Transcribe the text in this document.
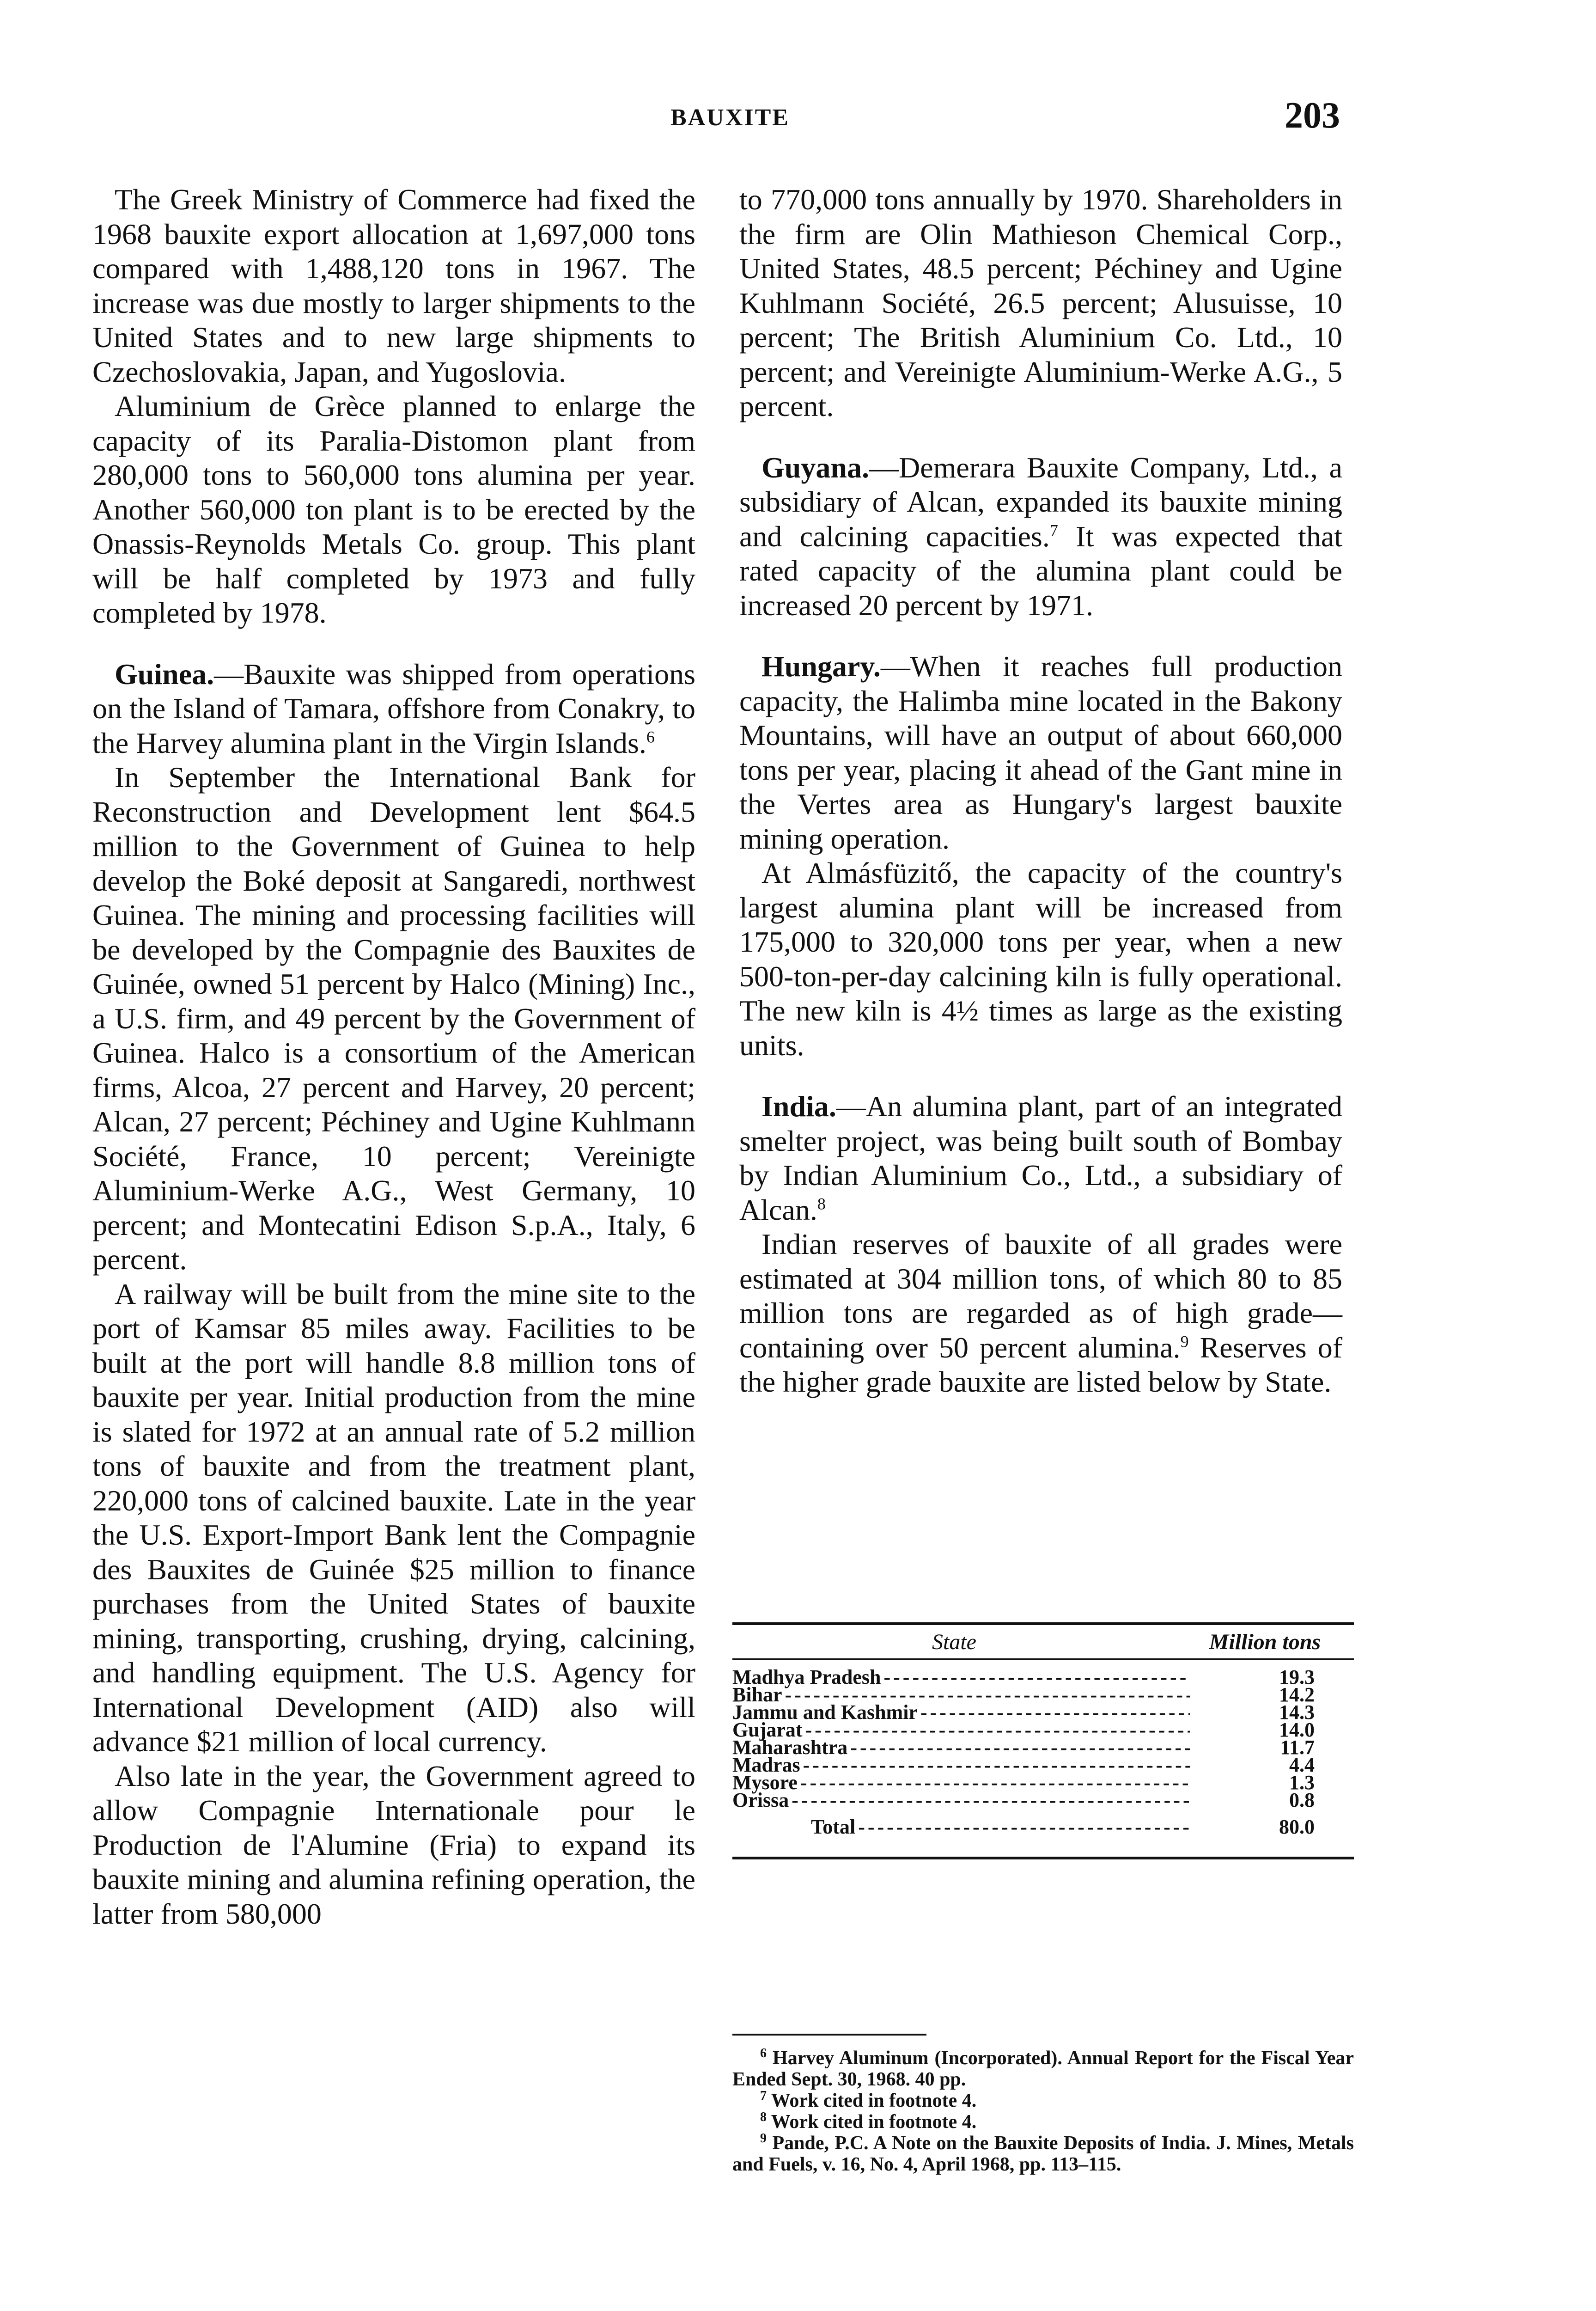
BAUXITE	203

The Greek Ministry of Commerce had fixed the 1968 bauxite export allocation at 1,697,000 tons compared with 1,488,120 tons in 1967. The increase was due mostly to larger shipments to the United States and to new large shipments to Czechoslovakia, Japan, and Yugoslovia.

Aluminium de Grèce planned to enlarge the capacity of its Paralia-Distomon plant from 280,000 tons to 560,000 tons alumina per year. Another 560,000 ton plant is to be erected by the Onassis-Reynolds Metals Co. group. This plant will be half completed by 1973 and fully completed by 1978.

Guinea.—Bauxite was shipped from operations on the Island of Tamara, offshore from Conakry, to the Harvey alumina plant in the Virgin Islands.$^6$

In September the International Bank for Reconstruction and Development lent $64.5 million to the Government of Guinea to help develop the Boké deposit at Sangaredi, northwest Guinea. The mining and processing facilities will be developed by the Compagnie des Bauxites de Guinée, owned 51 percent by Halco (Mining) Inc., a U.S. firm, and 49 percent by the Government of Guinea. Halco is a consortium of the American firms, Alcoa, 27 percent and Harvey, 20 percent; Alcan, 27 percent; Péchiney and Ugine Kuhlmann Société, France, 10 percent; Vereinigte Aluminium-Werke A.G., West Germany, 10 percent; and Montecatini Edison S.p.A., Italy, 6 percent.

A railway will be built from the mine site to the port of Kamsar 85 miles away. Facilities to be built at the port will handle 8.8 million tons of bauxite per year. Initial production from the mine is slated for 1972 at an annual rate of 5.2 million tons of bauxite and from the treatment plant, 220,000 tons of calcined bauxite. Late in the year the U.S. Export-Import Bank lent the Compagnie des Bauxites de Guinée $25 million to finance purchases from the United States of bauxite mining, transporting, crushing, drying, calcining, and handling equipment. The U.S. Agency for International Development (AID) also will advance $21 million of local currency.

Also late in the year, the Government agreed to allow Compagnie Internationale pour le Production de l'Alumine (Fria) to expand its bauxite mining and alumina refining operation, the latter from 580,000

to 770,000 tons annually by 1970. Shareholders in the firm are Olin Mathieson Chemical Corp., United States, 48.5 percent; Péchiney and Ugine Kuhlmann Société, 26.5 percent; Alusuisse, 10 percent; The British Aluminium Co. Ltd., 10 percent; and Vereinigte Aluminium-Werke A.G., 5 percent.

Guyana.—Demerara Bauxite Company, Ltd., a subsidiary of Alcan, expanded its bauxite mining and calcining capacities.$^7$ It was expected that rated capacity of the alumina plant could be increased 20 percent by 1971.

Hungary.—When it reaches full production capacity, the Halimba mine located in the Bakony Mountains, will have an output of about 660,000 tons per year, placing it ahead of the Gant mine in the Vertes area as Hungary's largest bauxite mining operation.

At Almásfüzitő, the capacity of the country's largest alumina plant will be increased from 175,000 to 320,000 tons per year, when a new 500-ton-per-day calcining kiln is fully operational. The new kiln is 4½ times as large as the existing units.

India.—An alumina plant, part of an integrated smelter project, was being built south of Bombay by Indian Aluminium Co., Ltd., a subsidiary of Alcan.$^8$

Indian reserves of bauxite of all grades were estimated at 304 million tons, of which 80 to 85 million tons are regarded as of high grade—containing over 50 percent alumina.$^9$ Reserves of the higher grade bauxite are listed below by State.

State	Million tons
Madhya Pradesh -----	19.3
Bihar -----	14.2
Jammu and Kashmir -----	14.3
Gujarat -----	14.0
Maharashtra -----	11.7
Madras -----	4.4
Mysore -----	1.3
Orissa -----	0.8
Total -----	80.0

$^6$ Harvey Aluminum (Incorporated). Annual Report for the Fiscal Year Ended Sept. 30, 1968. 40 pp.

$^7$ Work cited in footnote 4.

$^8$ Work cited in footnote 4.

$^9$ Pande, P.C. A Note on the Bauxite Deposits of India. J. Mines, Metals and Fuels, v. 16, No. 4, April 1968, pp. 113–115.
